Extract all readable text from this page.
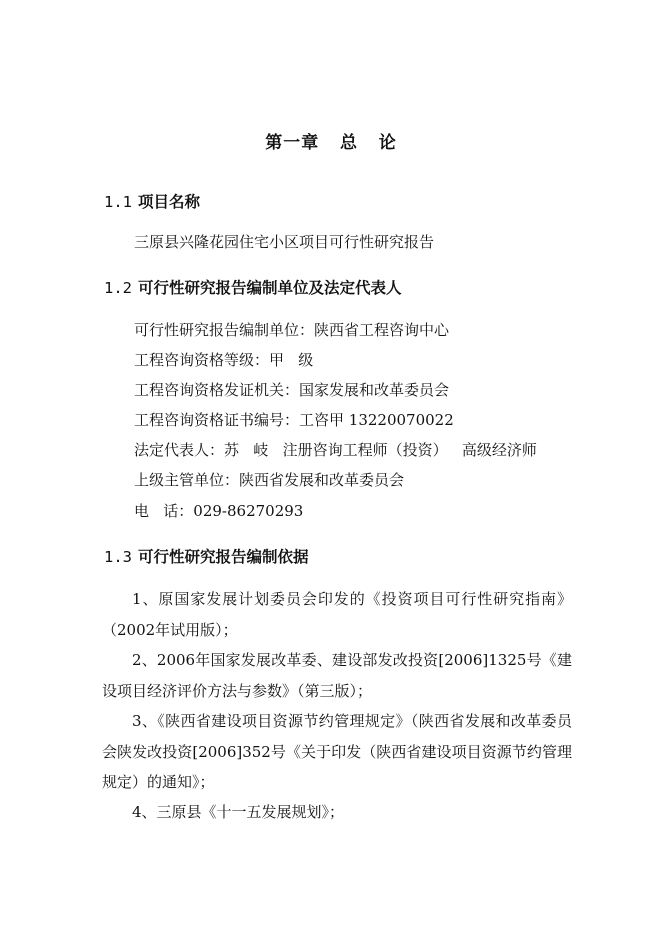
第一章   总   论
1.1 项目名称
三原县兴隆花园住宅小区项目可行性研究报告
1.2 可行性研究报告编制单位及法定代表人
可行性研究报告编制单位：陕西省工程咨询中心
工程咨询资格等级：甲   级
工程咨询资格发证机关：国家发展和改革委员会
工程咨询资格证书编号：工咨甲 13220070022
法定代表人：苏   岐   注册咨询工程师（投资）   高级经济师
上级主管单位：陕西省发展和改革委员会
电   话：029-86270293
1.3 可行性研究报告编制依据
1、原国家发展计划委员会印发的《投资项目可行性研究指南》（2002年试用版）；
2、2006年国家发展改革委、建设部发改投资[2006]1325号《建设项目经济评价方法与参数》（第三版）；
3、《陕西省建设项目资源节约管理规定》（陕西省发展和改革委员会陕发改投资[2006]352号《关于印发（陕西省建设项目资源节约管理规定）的通知》；
4、三原县《十一五发展规划》；
